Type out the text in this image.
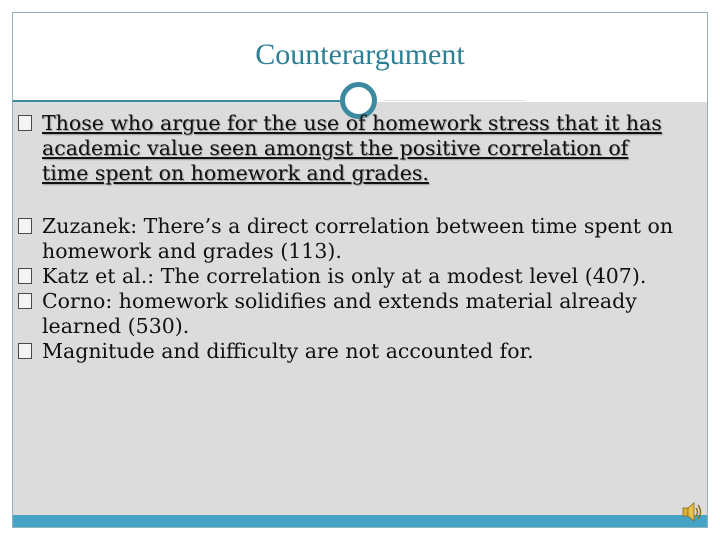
Counterargument
Those who argue for the use of homework stress that it has academic value seen amongst the positive correlation of time spent on homework and grades.
Zuzanek: There’s a direct correlation between time spent on homework and grades (113).
Katz et al.: The correlation is only at a modest level (407).
Corno: homework solidifies and extends material already learned (530).
Magnitude and difficulty are not accounted for.
